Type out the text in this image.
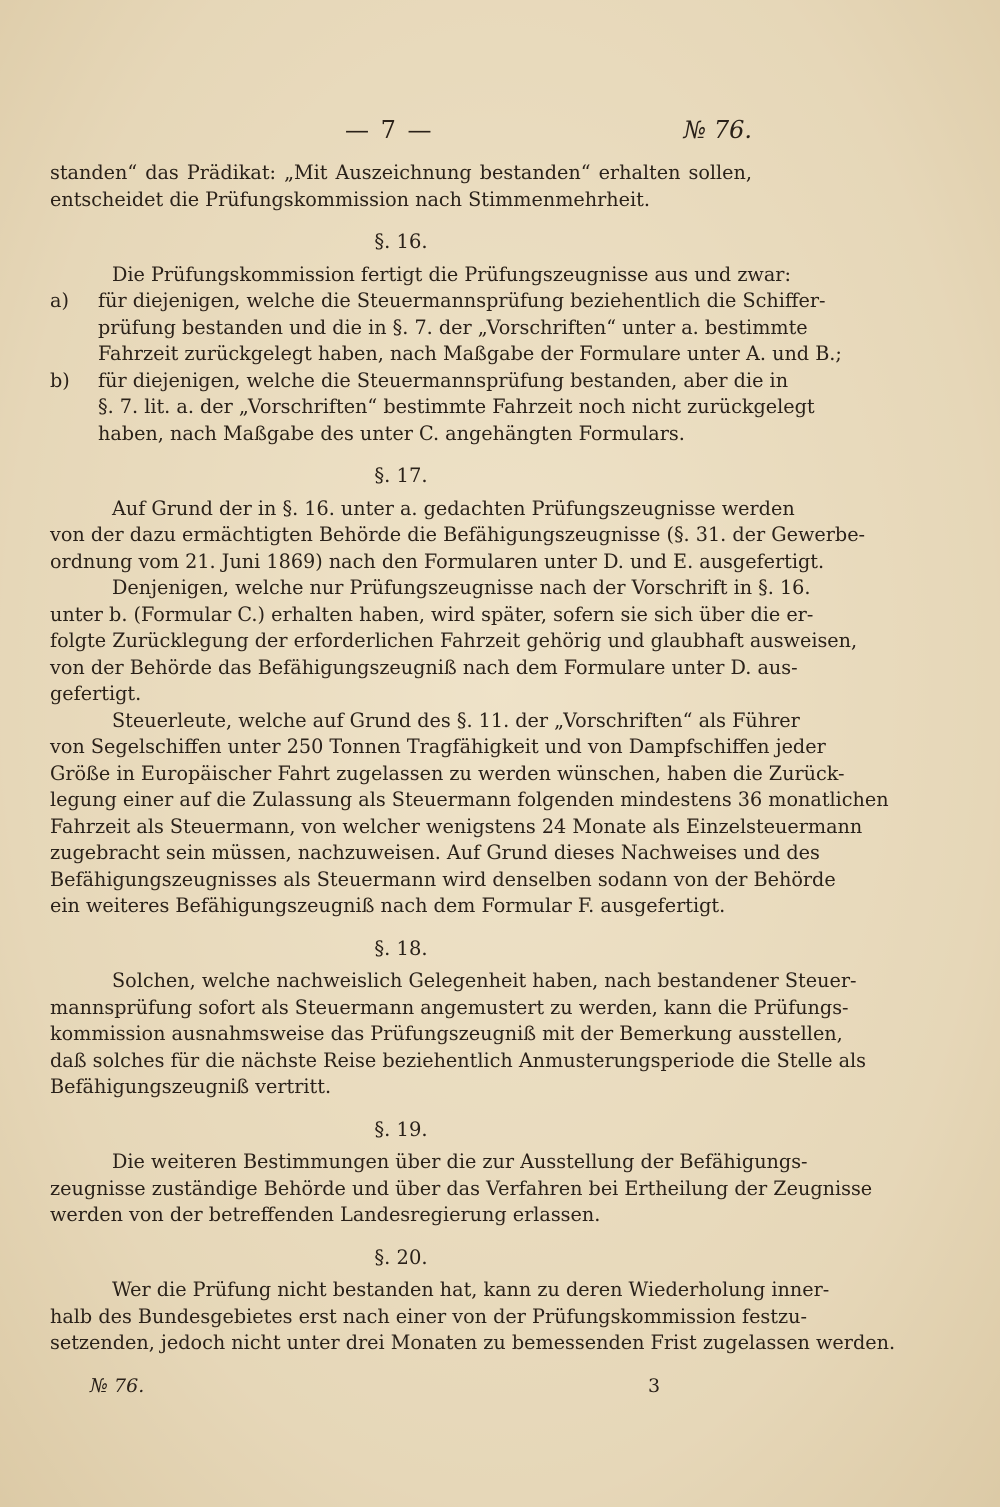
— 7 —	№ 76.
standen“ das Prädikat: „Mit Auszeichnung bestanden“ erhalten sollen,
entscheidet die Prüfungskommission nach Stimmenmehrheit.
§. 16.
Die Prüfungskommission fertigt die Prüfungszeugnisse aus und zwar:
a) für diejenigen, welche die Steuermannsprüfung beziehentlich die Schiffer-
prüfung bestanden und die in §. 7. der „Vorschriften“ unter a. bestimmte
Fahrzeit zurückgelegt haben, nach Maßgabe der Formulare unter A. und B.;
b) für diejenigen, welche die Steuermannsprüfung bestanden, aber die in
§. 7. lit. a. der „Vorschriften“ bestimmte Fahrzeit noch nicht zurückgelegt
haben, nach Maßgabe des unter C. angehängten Formulars.
§. 17.
Auf Grund der in §. 16. unter a. gedachten Prüfungszeugnisse werden
von der dazu ermächtigten Behörde die Befähigungszeugnisse (§. 31. der Gewerbe-
ordnung vom 21. Juni 1869) nach den Formularen unter D. und E. ausgefertigt.
Denjenigen, welche nur Prüfungszeugnisse nach der Vorschrift in §. 16.
unter b. (Formular C.) erhalten haben, wird später, sofern sie sich über die er-
folgte Zurücklegung der erforderlichen Fahrzeit gehörig und glaubhaft ausweisen,
von der Behörde das Befähigungszeugniß nach dem Formulare unter D. aus-
gefertigt.
Steuerleute, welche auf Grund des §. 11. der „Vorschriften“ als Führer
von Segelschiffen unter 250 Tonnen Tragfähigkeit und von Dampfschiffen jeder
Größe in Europäischer Fahrt zugelassen zu werden wünschen, haben die Zurück-
legung einer auf die Zulassung als Steuermann folgenden mindestens 36 monatlichen
Fahrzeit als Steuermann, von welcher wenigstens 24 Monate als Einzelsteuermann
zugebracht sein müssen, nachzuweisen. Auf Grund dieses Nachweises und des
Befähigungszeugnisses als Steuermann wird denselben sodann von der Behörde
ein weiteres Befähigungszeugniß nach dem Formular F. ausgefertigt.
§. 18.
Solchen, welche nachweislich Gelegenheit haben, nach bestandener Steuer-
mannsprüfung sofort als Steuermann angemustert zu werden, kann die Prüfungs-
kommission ausnahmsweise das Prüfungszeugniß mit der Bemerkung ausstellen,
daß solches für die nächste Reise beziehentlich Anmusterungsperiode die Stelle als
Befähigungszeugniß vertritt.
§. 19.
Die weiteren Bestimmungen über die zur Ausstellung der Befähigungs-
zeugnisse zuständige Behörde und über das Verfahren bei Ertheilung der Zeugnisse
werden von der betreffenden Landesregierung erlassen.
§. 20.
Wer die Prüfung nicht bestanden hat, kann zu deren Wiederholung inner-
halb des Bundesgebietes erst nach einer von der Prüfungskommission festzu-
setzenden, jedoch nicht unter drei Monaten zu bemessenden Frist zugelassen werden.
№ 76.	3
